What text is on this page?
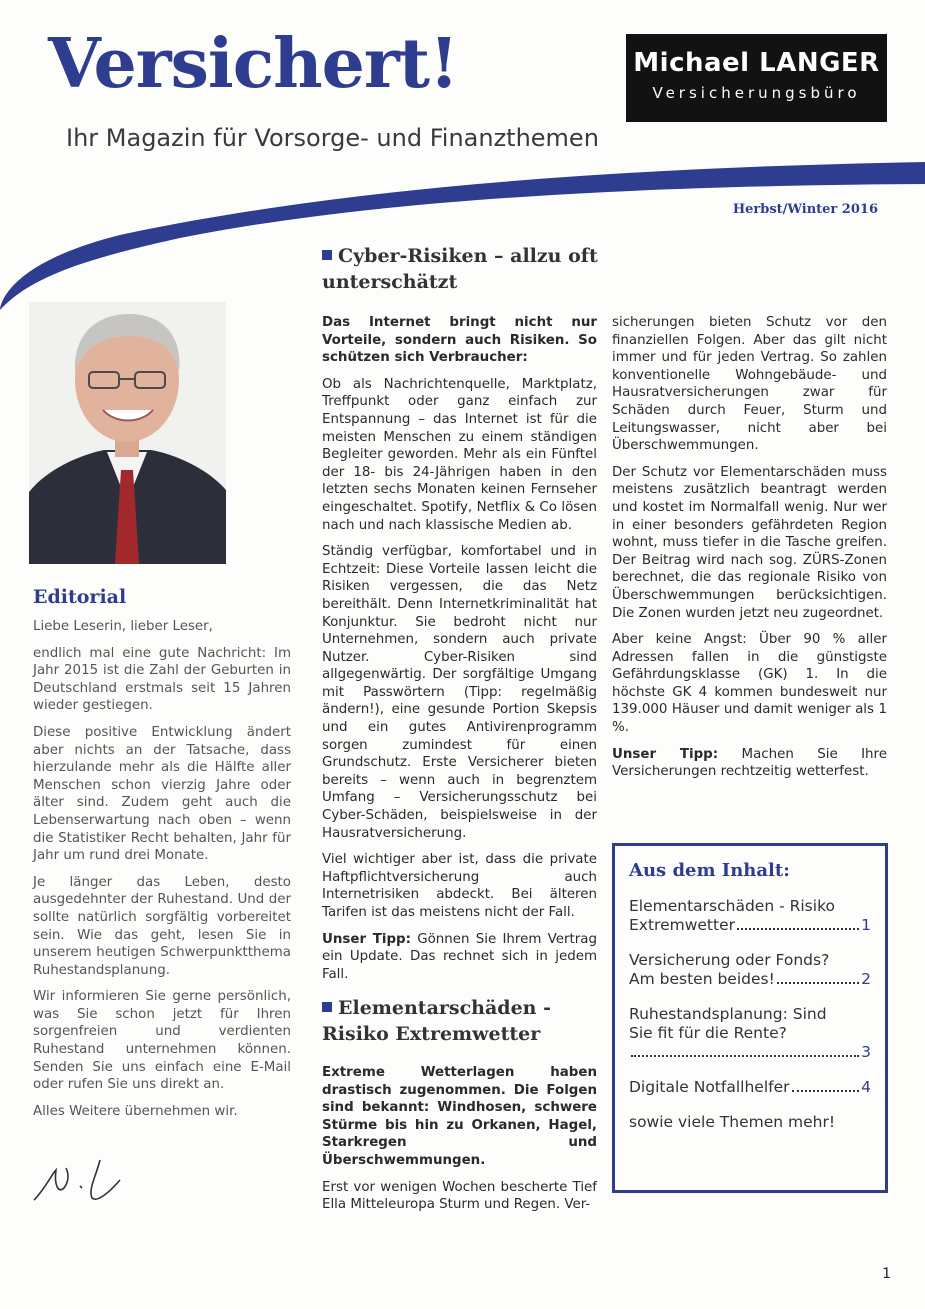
Versichert!
Ihr Magazin für Vorsorge- und Finanzthemen
Michael LANGER
Versicherungsbüro
Herbst/Winter 2016
Editorial

Liebe Leserin, lieber Leser,

endlich mal eine gute Nachricht: Im Jahr 2015 ist die Zahl der Geburten in Deutschland erstmals seit 15 Jahren wieder gestiegen.

Diese positive Entwicklung ändert aber nichts an der Tatsache, dass hierzulande mehr als die Hälfte aller Menschen schon vierzig Jahre oder älter sind. Zudem geht auch die Lebenserwartung nach oben – wenn die Statistiker Recht behalten, Jahr für Jahr um rund drei Monate.

Je länger das Leben, desto ausgedehnter der Ruhestand. Und der sollte natürlich sorgfältig vorbereitet sein. Wie das geht, lesen Sie in unserem heutigen Schwerpunktthema Ruhestandsplanung.

Wir informieren Sie gerne persönlich, was Sie schon jetzt für Ihren sorgenfreien und verdienten Ruhestand unternehmen können. Senden Sie uns einfach eine E-Mail oder rufen Sie uns direkt an.

Alles Weitere übernehmen wir.

Cyber-Risiken – allzu oft unterschätzt

Das Internet bringt nicht nur Vorteile, sondern auch Risiken. So schützen sich Verbraucher:

Ob als Nachrichtenquelle, Marktplatz, Treffpunkt oder ganz einfach zur Entspannung – das Internet ist für die meisten Menschen zu einem ständigen Begleiter geworden. Mehr als ein Fünftel der 18- bis 24-Jährigen haben in den letzten sechs Monaten keinen Fernseher eingeschaltet. Spotify, Netflix & Co lösen nach und nach klassische Medien ab.

Ständig verfügbar, komfortabel und in Echtzeit: Diese Vorteile lassen leicht die Risiken vergessen, die das Netz bereithält. Denn Internetkriminalität hat Konjunktur. Sie bedroht nicht nur Unternehmen, sondern auch private Nutzer. Cyber-Risiken sind allgegenwärtig. Der sorgfältige Umgang mit Passwörtern (Tipp: regelmäßig ändern!), eine gesunde Portion Skepsis und ein gutes Antivirenprogramm sorgen zumindest für einen Grundschutz. Erste Versicherer bieten bereits – wenn auch in begrenztem Umfang – Versicherungsschutz bei Cyber-Schäden, beispielsweise in der Hausratversicherung.

Viel wichtiger aber ist, dass die private Haftpflichtversicherung auch Internetrisiken abdeckt. Bei älteren Tarifen ist das meistens nicht der Fall.

Unser Tipp: Gönnen Sie Ihrem Vertrag ein Update. Das rechnet sich in jedem Fall.

Elementarschäden - Risiko Extremwetter

Extreme Wetterlagen haben drastisch zugenommen. Die Folgen sind bekannt: Windhosen, schwere Stürme bis hin zu Orkanen, Hagel, Starkregen und Überschwemmungen.

Erst vor wenigen Wochen bescherte Tief Ella Mitteleuropa Sturm und Regen. Ver-

sicherungen bieten Schutz vor den finanziellen Folgen. Aber das gilt nicht immer und für jeden Vertrag. So zahlen konventionelle Wohngebäude- und Hausratversicherungen zwar für Schäden durch Feuer, Sturm und Leitungswasser, nicht aber bei Überschwemmungen.

Der Schutz vor Elementarschäden muss meistens zusätzlich beantragt werden und kostet im Normalfall wenig. Nur wer in einer besonders gefährdeten Region wohnt, muss tiefer in die Tasche greifen. Der Beitrag wird nach sog. ZÜRS-Zonen berechnet, die das regionale Risiko von Überschwemmungen berücksichtigen. Die Zonen wurden jetzt neu zugeordnet.

Aber keine Angst: Über 90 % aller Adressen fallen in die günstigste Gefährdungsklasse (GK) 1. In die höchste GK 4 kommen bundesweit nur 139.000 Häuser und damit weniger als 1 %.

Unser Tipp: Machen Sie Ihre Versicherungen rechtzeitig wetterfest.

Aus dem Inhalt:
Elementarschäden - Risiko
Extremwetter	1
Versicherung oder Fonds?
Am besten beides!	2
Ruhestandsplanung: Sind
Sie fit für die Rente?
3
Digitale Notfallhelfer	4
sowie viele Themen mehr!
1
